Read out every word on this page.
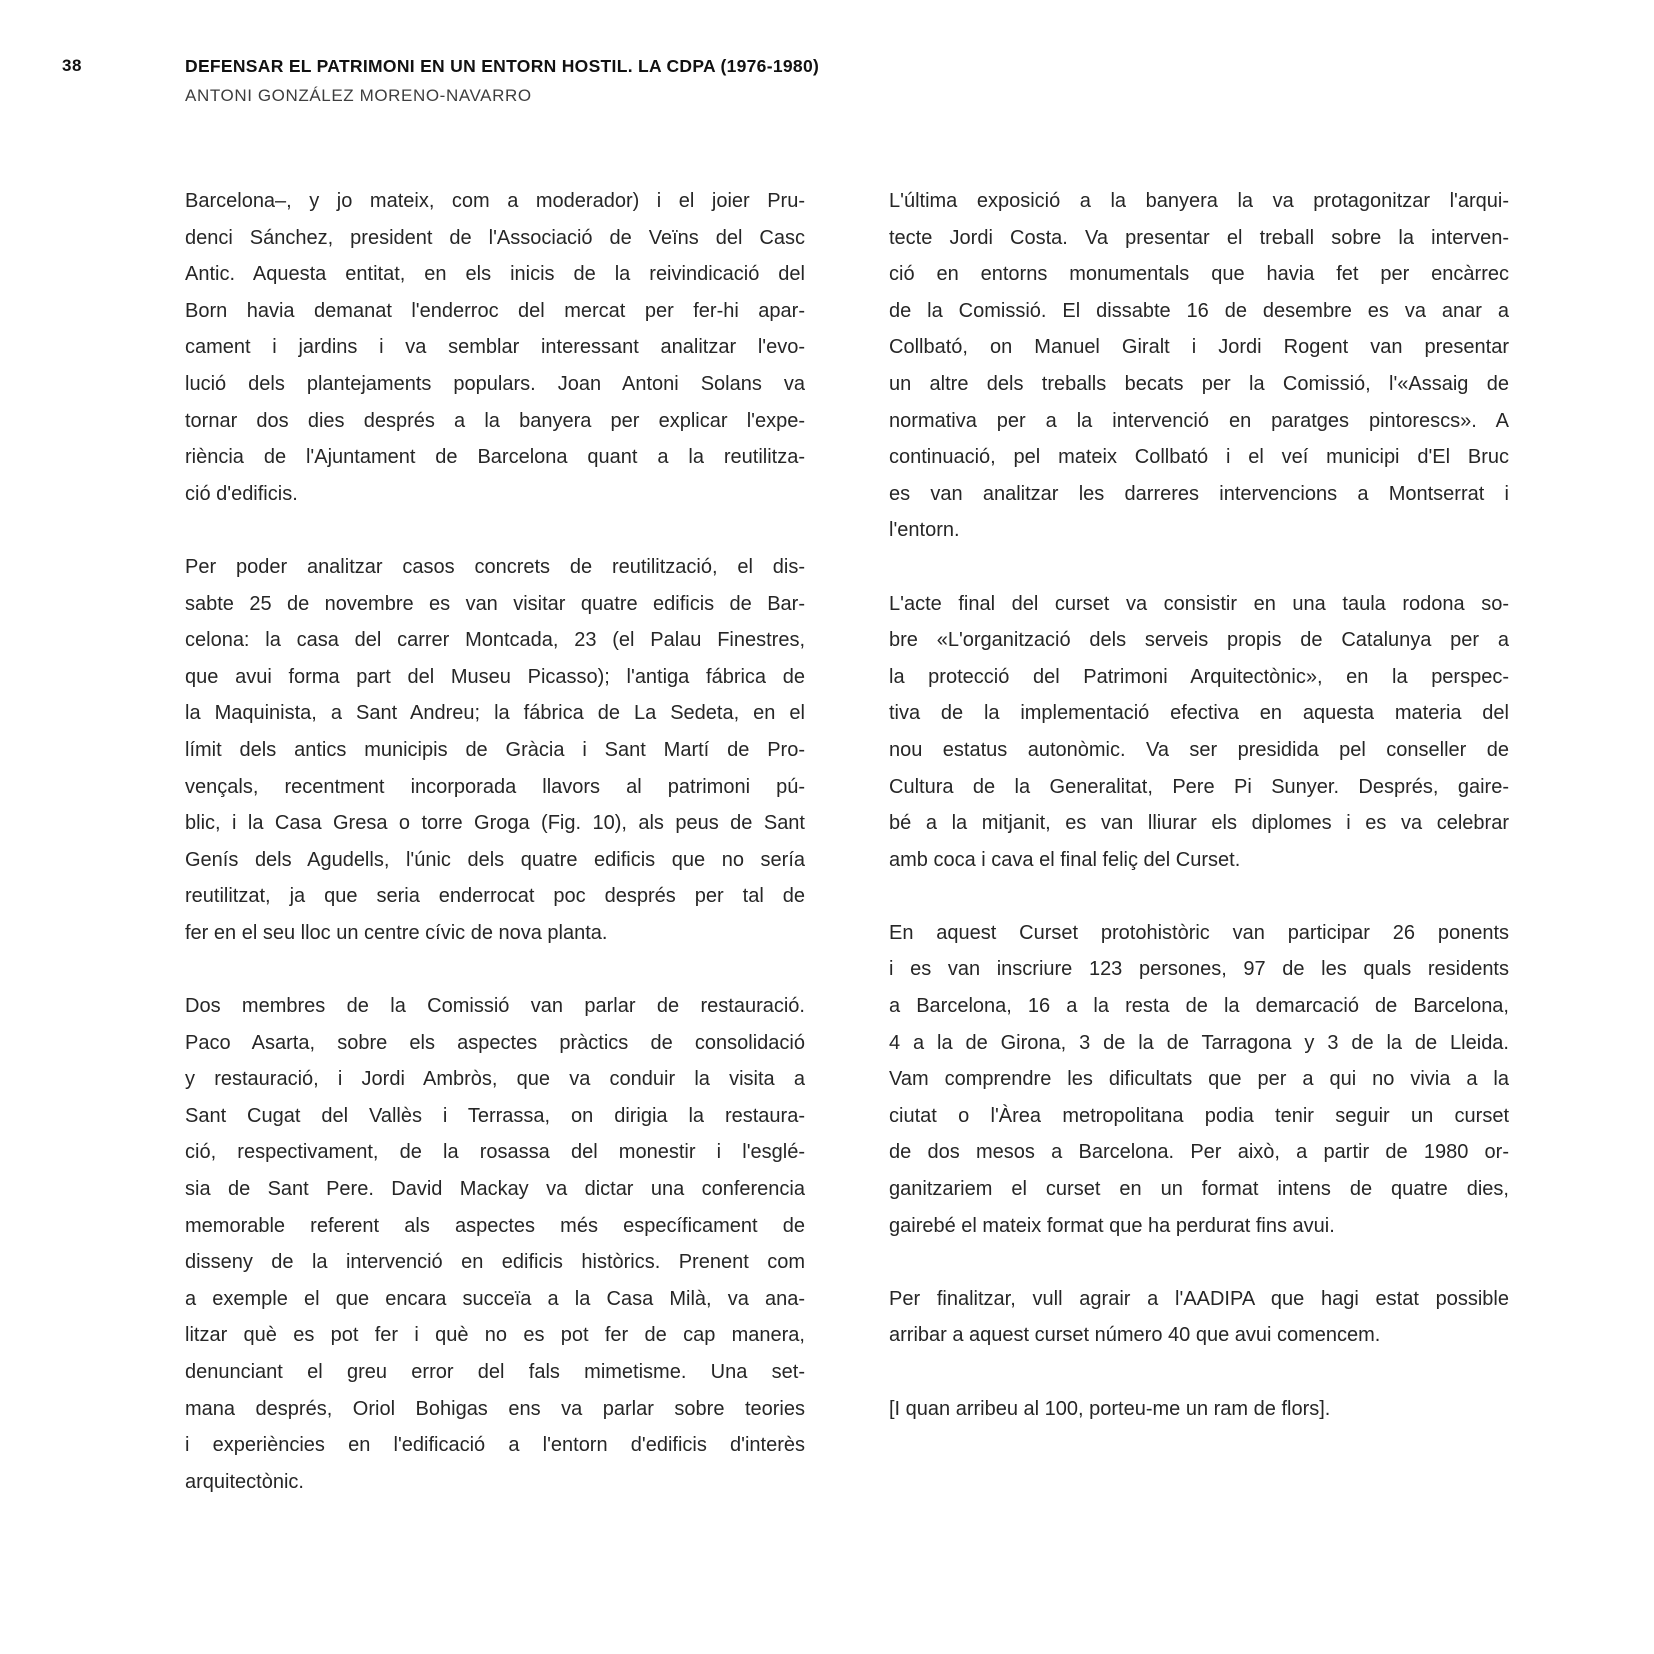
38	DEFENSAR EL PATRIMONI EN UN ENTORN HOSTIL. LA CDPA (1976-1980)
ANTONI GONZÁLEZ MORENO-NAVARRO
Barcelona–, y jo mateix, com a moderador) i el joier Pru-
denci Sánchez, president de l'Associació de Veïns del Casc
Antic. Aquesta entitat, en els inicis de la reivindicació del
Born havia demanat l'enderroc del mercat per fer-hi apar-
cament i jardins i va semblar interessant analitzar l'evo-
lució dels plantejaments populars. Joan Antoni Solans va
tornar dos dies després a la banyera per explicar l'expe-
riència de l'Ajuntament de Barcelona quant a la reutilitza-
ció d'edificis.
Per poder analitzar casos concrets de reutilització, el dis-
sabte 25 de novembre es van visitar quatre edificis de Bar-
celona: la casa del carrer Montcada, 23 (el Palau Finestres,
que avui forma part del Museu Picasso); l'antiga fábrica de
la Maquinista, a Sant Andreu; la fábrica de La Sedeta, en el
límit dels antics municipis de Gràcia i Sant Martí de Pro-
vençals, recentment incorporada llavors al patrimoni pú-
blic, i la Casa Gresa o torre Groga (Fig. 10), als peus de Sant
Genís dels Agudells, l'únic dels quatre edificis que no sería
reutilitzat, ja que seria enderrocat poc després per tal de
fer en el seu lloc un centre cívic de nova planta.
Dos membres de la Comissió van parlar de restauració.
Paco Asarta, sobre els aspectes pràctics de consolidació
y restauració, i Jordi Ambròs, que va conduir la visita a
Sant Cugat del Vallès i Terrassa, on dirigia la restaura-
ció, respectivament, de la rosassa del monestir i l'esglé-
sia de Sant Pere. David Mackay va dictar una conferencia
memorable referent als aspectes més específicament de
disseny de la intervenció en edificis històrics. Prenent com
a exemple el que encara succeïa a la Casa Milà, va ana-
litzar què es pot fer i què no es pot fer de cap manera,
denunciant el greu error del fals mimetisme. Una set-
mana després, Oriol Bohigas ens va parlar sobre teories
i experiències en l'edificació a l'entorn d'edificis d'interès
arquitectònic.
L'última exposició a la banyera la va protagonitzar l'arqui-
tecte Jordi Costa. Va presentar el treball sobre la interven-
ció en entorns monumentals que havia fet per encàrrec
de la Comissió. El dissabte 16 de desembre es va anar a
Collbató, on Manuel Giralt i Jordi Rogent van presentar
un altre dels treballs becats per la Comissió, l'«Assaig de
normativa per a la intervenció en paratges pintorescs». A
continuació, pel mateix Collbató i el veí municipi d'El Bruc
es van analitzar les darreres intervencions a Montserrat i
l'entorn.
L'acte final del curset va consistir en una taula rodona so-
bre «L'organització dels serveis propis de Catalunya per a
la protecció del Patrimoni Arquitectònic», en la perspec-
tiva de la implementació efectiva en aquesta materia del
nou estatus autonòmic. Va ser presidida pel conseller de
Cultura de la Generalitat, Pere Pi Sunyer. Després, gaire-
bé a la mitjanit, es van lliurar els diplomes i es va celebrar
amb coca i cava el final feliç del Curset.
En aquest Curset protohistòric van participar 26 ponents
i es van inscriure 123 persones, 97 de les quals residents
a Barcelona, 16 a la resta de la demarcació de Barcelona,
4 a la de Girona, 3 de la de Tarragona y 3 de la de Lleida.
Vam comprendre les dificultats que per a qui no vivia a la
ciutat o l'Àrea metropolitana podia tenir seguir un curset
de dos mesos a Barcelona. Per això, a partir de 1980 or-
ganitzariem el curset en un format intens de quatre dies,
gairebé el mateix format que ha perdurat fins avui.
Per finalitzar, vull agrair a l'AADIPA que hagi estat possible
arribar a aquest curset número 40 que avui comencem.
[I quan arribeu al 100, porteu-me un ram de flors].
